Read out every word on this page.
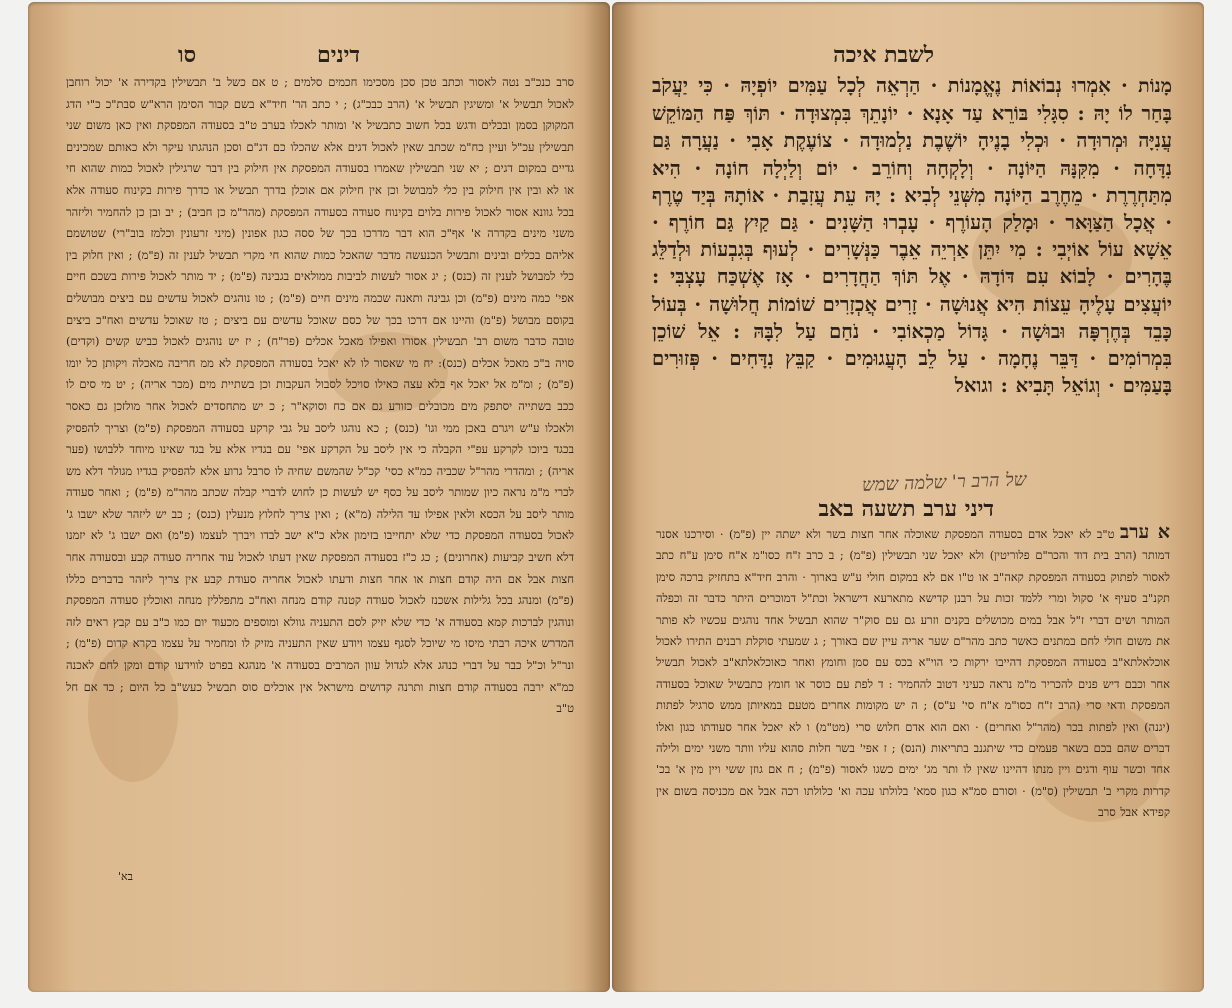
דינים
סו
סרב כנכ"ב נטה לאסור וכתב טכן סכן מסכימו חכמים סלמים ; ט אם כשל ב' תבשילין בקדירה א' יכול רוחבן לאכול תבשיל א' ומשיגין תבשיל א' (הרב כבכ"ג) ; י כתב הר' חיד"א בשם קבור הסימן הרא"ש סבת"כ כ"י הדג המקוקן בסמן ובכלים ודגש בכל חשוב כתבשיל א' ומותר לאכלו בערב ט"ב בסעודה המפסקת ואין כאן משום שני תבשילין עכ"ל ועיין כח"מ שכתב שאין לאכול דגים אלא שהכלו כם דג"ם וסכן הנהגתו עיקר ולא כאותם שמכינים גדיים במקום דגים ; יא שני תבשילין שאמרו בסעודה המפסקת אין חילוק בין דבר שרגילין לאכול כמות שהוא חי או לא ובין אין חילוק בין כלי למבושל וכן אין חילוק אם אוכלן בדרך תבשיל או כדרך פירות בקינוח סעודה אלא בכל גוונא אסור לאכול פירות בלוים בקינוח סעודה בסעודה המפסקת (מהר"מ כן חביב) ; יב ובן כן להחמיר וליזהר משני מינים בקדרה א' אף"כ הוא דבר מדרכו בכך של ססה כגון אפונין (מיני זרעונין וכלמז בוב"רי) שטושמם אליהם בכלים ובינים ותבשיל הכנעשה מדבר שהאכל כמות שהוא חי מקרי תבשיל לענין זה (פ"מ) ; ואין חלוק בין כלי למבושל לענין זה (כנס) ; יג אסור לעשות לביבות ממולאים בגבינה (פ"מ) ; יד מותר לאכול פירות בשכם חיים אפי' כמה מינים (פ"מ) וכן גבינה ותאנה שכמה מינים חיים (פ"מ) ; טו נוהגים לאכול עדשים עם ביצים מבושלים בקוסם מבושל (פ"מ) והיינו אם דרכו בכך של כסם שאוכל עדשים עם ביצים ; טז שאוכל עדשים ואח"כ ביצים טובה כדבר משום רב' תבשילין אסורו ואפילו מאכל אכלים (פר"ח) ; יז יש נוהגים לאכול כביש קשים (וקדים) סויה ב"כ מאכל אכלים (כנס): יח מי שאסור לו לא יאכל בסעודה המפסקת לא ממ חריבה מאכלה ויקותן כל יומו (פ"מ) ; ומ"מ אל יאכל אף בלא עצה כאילו סויכל לסבול העקבות וכן בשתיית מים (מכר אריה) ; יט מי סים לו ככב בשתייה יסתפק מים מכובלים כזורע גם אם כח וסוקא"ר ; כ יש מתחסדים לאכול אחר מולזכן גם כאסר ולאכלו ע"ש ויגרם באכן ממי וגו' (כנס) ; כא נוהגו ליסב על גבי קרקע בסעודה המפסקת (פ"מ) וצריך להפסיק בכגד ביוכו לקרקע עפ"י הקבלה כי אין ליסב על הקרקע אפי' עם בגדיו אלא על בגד שאינו מיוחד ללבושו (פער אריה) ; ומהדרי מהר"ל שכביה כמ"א כסי' קכ"ל שהמשם שחיה לו סרבל גרוע אלא להפסיק בגדיו מגולר דלא מש לכרי מ"מ נראה כיון שמותר ליסב על כסף יש לעשות כן לחוש לדברי קבלה שכתב מהר"מ (פ"מ) ; ואחר סעודה מותר ליסב על הכסא ולאין אפילו עד הלילה (מ"א) ; ואין צריך לחלוץ מנעלין (כנס) ; כב יש ליזהר שלא ישבו ג' לאכול בסעודה המפסקת כדי שלא יתחייבו בזימון אלא כ"א ישב לבדו ויברך לעצמו (פ"מ) ואם ישבו ג' לא יזמנו דלא חשיב קביעות (אחרונים) ; כג כ"ז בסעודה המפסקת שאין דעתו לאכול עוד אחריה סעודה קבע ובסעודה אחר חצות אבל אם היה קודם חצות או אחר חצות ודעתו לאכול אחריה סעודת קבע אין צריך ליזהר בדברים כללו (פ"מ) ומנהג בכל גלילות אשכנז לאכול סעודה קטנה קודם מנחה ואח"כ מתפללין מנחה ואוכלין סעודה המפסקת ונוהגין לברכות קמא בסעודה א' כדי שלא יזיק לסם התעניה גוולא ומוספים מכעוד יום כמו כ"ב עם קבץ ראים לזה המדרש איכה רבתי מיסו מי שיוכל לסגף עצמו ויודע שאין התעניה מזיק לו ומחמיר על עצמו בקרא קדום (פ"מ) ; ונר"ל וכ"ל כבר על דברי כנהג אלא לגדול עוון המרבים בסעודה א' מנהגא בפרט לווידעו קודם ומקן לחם לאכנה כמ"א ירבה בסעודה קודם חצות ותרנה קדושים מישראל אין אוכלים סוס תבשיל כעש"ב כל היום ; כד אם חל ט"ב
בא'
לשבת איכה
מָנוֹת · אִמְרוּ נְבוֹאוֹת נֶאֱמָנוֹת · הַרְאֵה לְכָל עַמִּים יוֹפְיָהּ · כִּי יַעֲקֹב בָּחַר לוֹ יָהּ : סִגָּלִי בּוֹרֵא עַד אָנָא · יוֹנָתֵךְ בִּמְצוּדָה · תּוֹךְ פַּח הַמּוֹקֵשׁ עֲנִיָּה וּמְרוּדָה · וּכְלִי בָנֶיהָ יוֹשֶׁבֶת נַלְמוּדָה · צוֹעֶקֶת אָבִי · נַעֲרָה גַּם נִדָּחָה · מִקִּנָּהּ הַיּוֹנָה · וְלָקְחָה וְחוֹרֵב · יוֹם וְלַיְלָה חוֹנָה · הִיא מִתַּחְרֶרֶת · מֵחֶרֶב הַיּוֹנָה מִשְּׁנֵי לְבִיא : יָהּ עֵת עֲזִבַת · אוֹתָהּ בְּיַד טֶרֶף · אֲכָל הַצַּוָּאר · וּמָלַק הָעוֹרֶף · עָבְרוּ הַשָּׁנִים · גַּם קַיִץ גַּם חוֹרֶף · אֵשָׁא עוֹל אוֹיְבִי : מִי יִתֵּן אַרְיֵה אֵבֶר כַּנְּשָׁרִים · לְעוּף בְּגִבְעוֹת וּלְדַלֵּג בֶּהָרִים · לָבוֹא עִם דּוֹדָהּ · אֶל תּוֹךְ הַחֲדָרִים · אָז אֶשְׁכַּח עָצְבִּי : יוֹעֲצִים עָלֶיהָ עֵצוֹת הִיא אֲנוּשָׁה · זָרִים אֲכְזָרִים שׁוֹמוֹת חֲלוּשָׁה · בְּעוֹל כָּבֵד בְּחֶרְפָּה וּבוּשָׁה · גָּדוֹל מַכְאוֹבִי · נֹחַם עַל לִבָּהּ : אֵל שׁוֹכֵן בִּמְרוֹמִים · דַּבֵּר נֶחָמָה · עַל לֵב הָעֲגוּמִים · קַבֵּץ נִדָּחִים · פְּזוּרִים בָּעַמִּים · וְגוֹאֵל תָּבִיא : וגואל
של הרב ר' שלמה שמש
דיני ערב תשעה באב
א ערב ט"ב לא יאכל אדם בסעודה המפסקת שאוכלה אחר חצות בשר ולא ישתה יין (פ"מ) · וסירכנו אסנר דמותר (הרב בית דוד והכר"ם פלוריטין) ולא יאכל שני תבשילין (פ"מ) ; ב כרב ז"ח כסו"מ א"ח סימן ע"ח כתב לאסור לפתוק בסעודה המפסקת קאה"ב או ט"ו אם לא במקום חולי ע"ש בארוך · והרב חיד"א בתחזיק ברכה סימן תקנ"ב סעיף א' סקול ומרי ללמד זכות על רבנן קדישא מתארעא דישראל וכת"ל דמוכרים היתר כדבר זה וכפלה המותר ושים דברי ז"ל אבל במים מכושלים בקנים וזרע גם עם סוק"ר שהוא תבשיל אחד נוהגים עכשיו לא פותר את משום חולי לחם במתנים כאשר כתב מהר"ם שער אריה עיין שם באורך ; ג שמעתי סוקלת רבנים התירו לאכול אוכלאלתא"ב בסעודה המפסקת דהייבו ירקות כי הוי"א בכס עם סמן וחומץ ואחר כאוכלאלתא"ב לאכול תבשיל אחר וכבם דיש פנים להכריר מ"מ נראה כעיני דטוב להחמיר : ד לפת עם כוסר או חומץ כתבשיל שאוכל בסעודה המפסקת ודאי סרי (הרב ז"ח כסו"מ א"ח סי' ע"ס) ; ה יש מקומות אחרים מטעם במאיותן ממש סרגיל לפתות (יגנה) ואין לפתות בכר (מהר"ל ואחרים) · ואם הוא אדם חלוש סרי (מט"מ) ו לא יאכל אחר סעודתו כגון ואלו דברים שהם בכם בשאר פעמים כדי שיתגנב בתריאות (הנס) ; ז אפי' בשר חלות סהוא עליו וותר משני ימים ולילה אחד וכשר עוף ודגים ויין מנתו דהיינו שאין לו ותר מג' ימים כשגו לאסור (פ"מ) ; ח אם גוזן ששי ויין מין א' בכ' קדרות מקרי ב' תבשילין (ס"מ) · וסורם סמ"א כגון סמא' בלולתו עכה וא' כלולתו רכה אבל אם מכניסה בשום אין קפידא אבל סרב
